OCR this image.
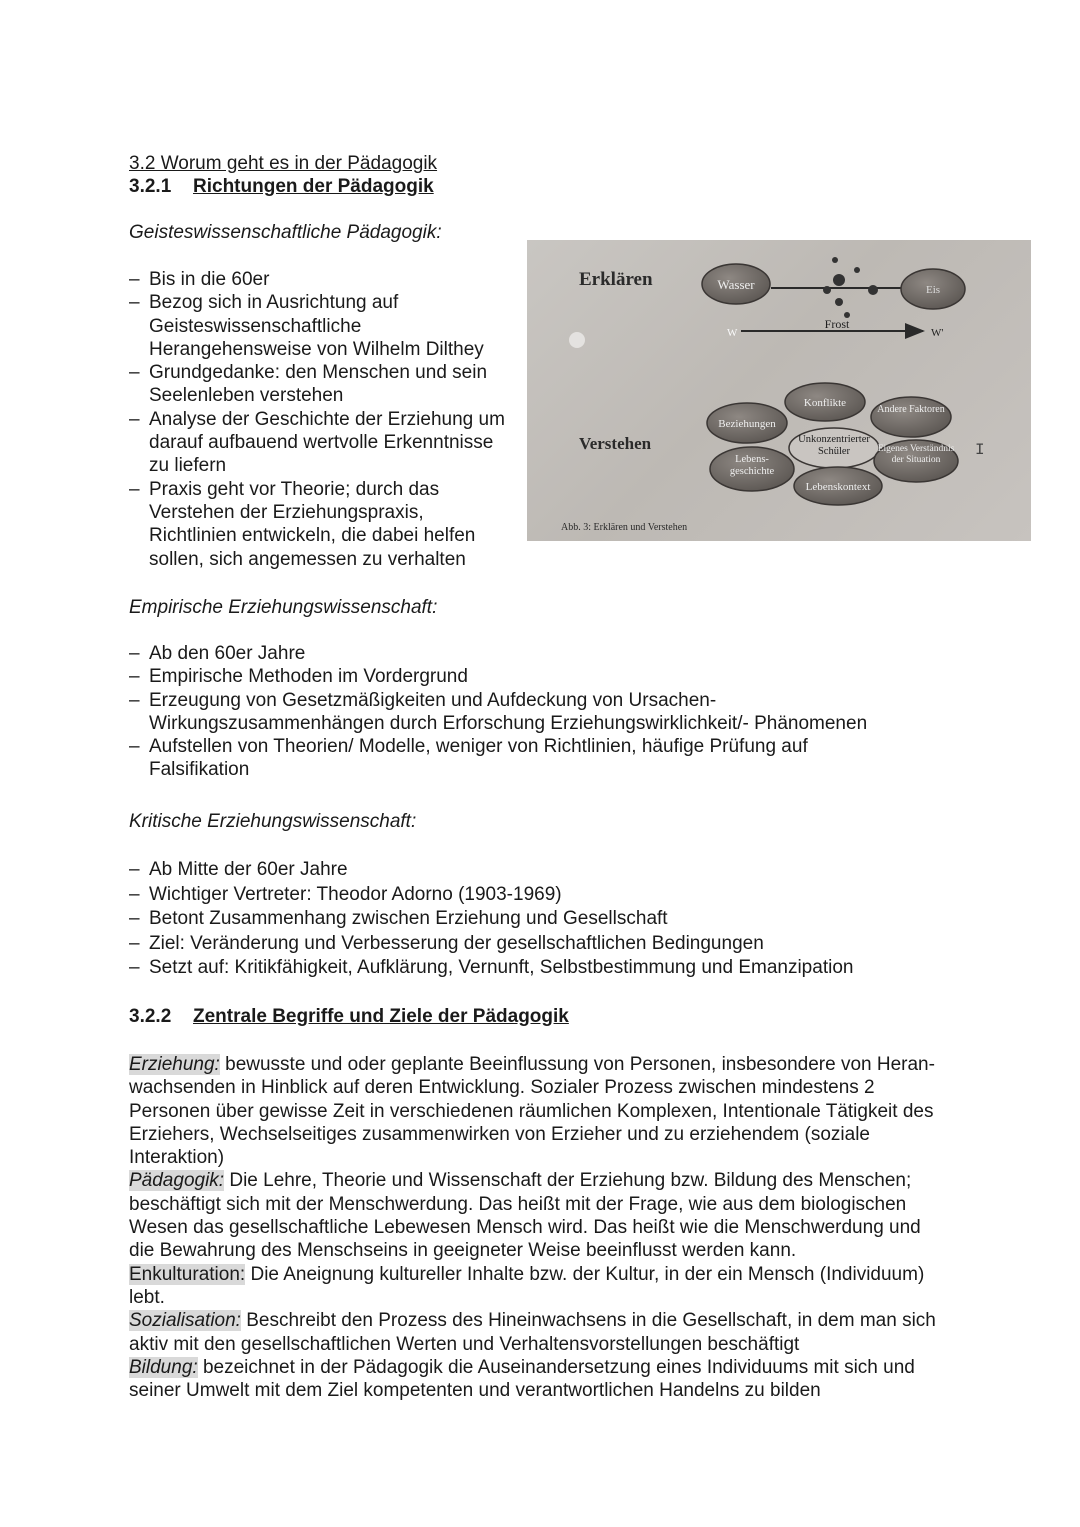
3.2 Worum geht es in der Pädagogik
3.2.1 Richtungen der Pädagogik
Geisteswissenschaftliche Pädagogik:
– Bis in die 60er
– Bezog sich in Ausrichtung auf Geisteswissenschaftliche Herangehensweise von Wilhelm Dilthey
– Grundgedanke: den Menschen und sein Seelenleben verstehen
– Analyse der Geschichte der Erziehung um darauf aufbauend wertvolle Erkenntnisse zu liefern
– Praxis geht vor Theorie; durch das Verstehen der Erziehungspraxis, Richtlinien entwickeln, die dabei helfen sollen, sich angemessen zu verhalten
Erklären
Verstehen
Wasser	Eis
W	W'
Frost
Konflikte
Beziehungen
Andere Faktoren
Unkonzentrierter Schüler
Lebens- geschichte
Eigenes Verständnis der Situation
Lebenskontext
I
Abb. 3: Erklären und Verstehen
Empirische Erziehungswissenschaft:
– Ab den 60er Jahre
– Empirische Methoden im Vordergrund
– Erzeugung von Gesetzmäßigkeiten und Aufdeckung von Ursachen- Wirkungszusammenhängen durch Erforschung Erziehungswirklichkeit/- Phänomenen
– Aufstellen von Theorien/ Modelle, weniger von Richtlinien, häufige Prüfung auf Falsifikation
Kritische Erziehungswissenschaft:
– Ab Mitte der 60er Jahre
– Wichtiger Vertreter: Theodor Adorno (1903-1969)
– Betont Zusammenhang zwischen Erziehung und Gesellschaft
– Ziel: Veränderung und Verbesserung der gesellschaftlichen Bedingungen
– Setzt auf: Kritikfähigkeit, Aufklärung, Vernunft, Selbstbestimmung und Emanzipation
3.2.2 Zentrale Begriffe und Ziele der Pädagogik

Erziehung: bewusste und oder geplante Beeinflussung von Personen, insbesondere von Heran- wachsenden in Hinblick auf deren Entwicklung. Sozialer Prozess zwischen mindestens 2 Personen über gewisse Zeit in verschiedenen räumlichen Komplexen, Intentionale Tätigkeit des Erziehers, Wechselseitiges zusammenwirken von Erzieher und zu erziehendem (soziale Interaktion)

Pädagogik: Die Lehre, Theorie und Wissenschaft der Erziehung bzw. Bildung des Menschen; beschäftigt sich mit der Menschwerdung. Das heißt mit der Frage, wie aus dem biologischen Wesen das gesellschaftliche Lebewesen Mensch wird. Das heißt wie die Menschwerdung und die Bewahrung des Menschseins in geeigneter Weise beeinflusst werden kann.

Enkulturation: Die Aneignung kultureller Inhalte bzw. der Kultur, in der ein Mensch (Individuum) lebt.

Sozialisation: Beschreibt den Prozess des Hineinwachsens in die Gesellschaft, in dem man sich aktiv mit den gesellschaftlichen Werten und Verhaltensvorstellungen beschäftigt

Bildung: bezeichnet in der Pädagogik die Auseinandersetzung eines Individuums mit sich und seiner Umwelt mit dem Ziel kompetenten und verantwortlichen Handelns zu bilden
